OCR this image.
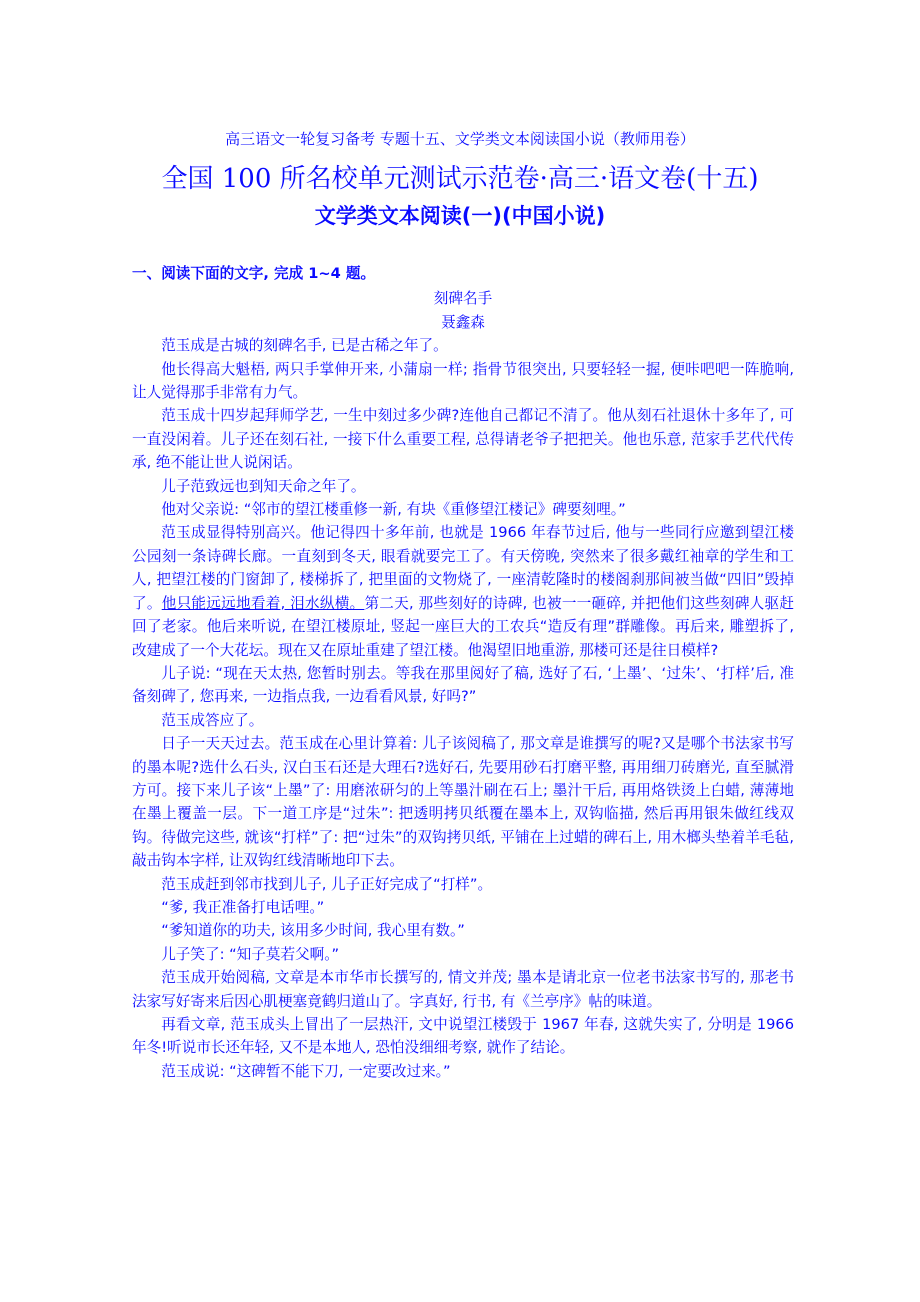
高三语文一轮复习备考 专题十五、文学类文本阅读国小说（教师用卷）
全国 100 所名校单元测试示范卷·高三·语文卷(十五)
文学类文本阅读(一)(中国小说)

一、阅读下面的文字, 完成 1~4 题。

刻碑名手

聂鑫森

范玉成是古城的刻碑名手, 已是古稀之年了。

他长得高大魁梧, 两只手掌伸开来, 小蒲扇一样; 指骨节很突出, 只要轻轻一握, 便咔吧吧一阵脆响, 让人觉得那手非常有力气。

范玉成十四岁起拜师学艺, 一生中刻过多少碑?连他自己都记不清了。他从刻石社退休十多年了, 可一直没闲着。儿子还在刻石社, 一接下什么重要工程, 总得请老爷子把把关。他也乐意, 范家手艺代代传承, 绝不能让世人说闲话。

儿子范致远也到知天命之年了。

他对父亲说: “邻市的望江楼重修一新, 有块《重修望江楼记》碑要刻哩。”

范玉成显得特别高兴。他记得四十多年前, 也就是 1966 年春节过后, 他与一些同行应邀到望江楼公园刻一条诗碑长廊。一直刻到冬天, 眼看就要完工了。有天傍晚, 突然来了很多戴红袖章的学生和工人, 把望江楼的门窗卸了, 楼梯拆了, 把里面的文物烧了, 一座清乾隆时的楼阁刹那间被当做“四旧”毁掉了。他只能远远地看着, 泪水纵横。第二天, 那些刻好的诗碑, 也被一一砸碎, 并把他们这些刻碑人驱赶回了老家。他后来听说, 在望江楼原址, 竖起一座巨大的工农兵“造反有理”群雕像。再后来, 雕塑拆了, 改建成了一个大花坛。现在又在原址重建了望江楼。他渴望旧地重游, 那楼可还是往日模样?

儿子说: “现在天太热, 您暂时别去。等我在那里阅好了稿, 选好了石, ‘上墨’、‘过朱’、‘打样’后, 准备刻碑了, 您再来, 一边指点我, 一边看看风景, 好吗?”

范玉成答应了。

日子一天天过去。范玉成在心里计算着: 儿子该阅稿了, 那文章是谁撰写的呢?又是哪个书法家书写的墨本呢?选什么石头, 汉白玉石还是大理石?选好石, 先要用砂石打磨平整, 再用细刀砖磨光, 直至腻滑方可。接下来儿子该“上墨”了: 用磨浓研匀的上等墨汁刷在石上; 墨汁干后, 再用烙铁烫上白蜡, 薄薄地在墨上覆盖一层。下一道工序是“过朱”: 把透明拷贝纸覆在墨本上, 双钩临描, 然后再用银朱做红线双钩。待做完这些, 就该“打样”了: 把“过朱”的双钩拷贝纸, 平铺在上过蜡的碑石上, 用木榔头垫着羊毛毡, 敲击钩本字样, 让双钩红线清晰地印下去。

范玉成赶到邻市找到儿子, 儿子正好完成了“打样”。

“爹, 我正准备打电话哩。”

“爹知道你的功夫, 该用多少时间, 我心里有数。”

儿子笑了: “知子莫若父啊。”

范玉成开始阅稿, 文章是本市华市长撰写的, 情文并茂; 墨本是请北京一位老书法家书写的, 那老书法家写好寄来后因心肌梗塞竟鹤归道山了。字真好, 行书, 有《兰亭序》帖的味道。

再看文章, 范玉成头上冒出了一层热汗, 文中说望江楼毁于 1967 年春, 这就失实了, 分明是 1966 年冬!听说市长还年轻, 又不是本地人, 恐怕没细细考察, 就作了结论。

范玉成说: “这碑暂不能下刀, 一定要改过来。”
